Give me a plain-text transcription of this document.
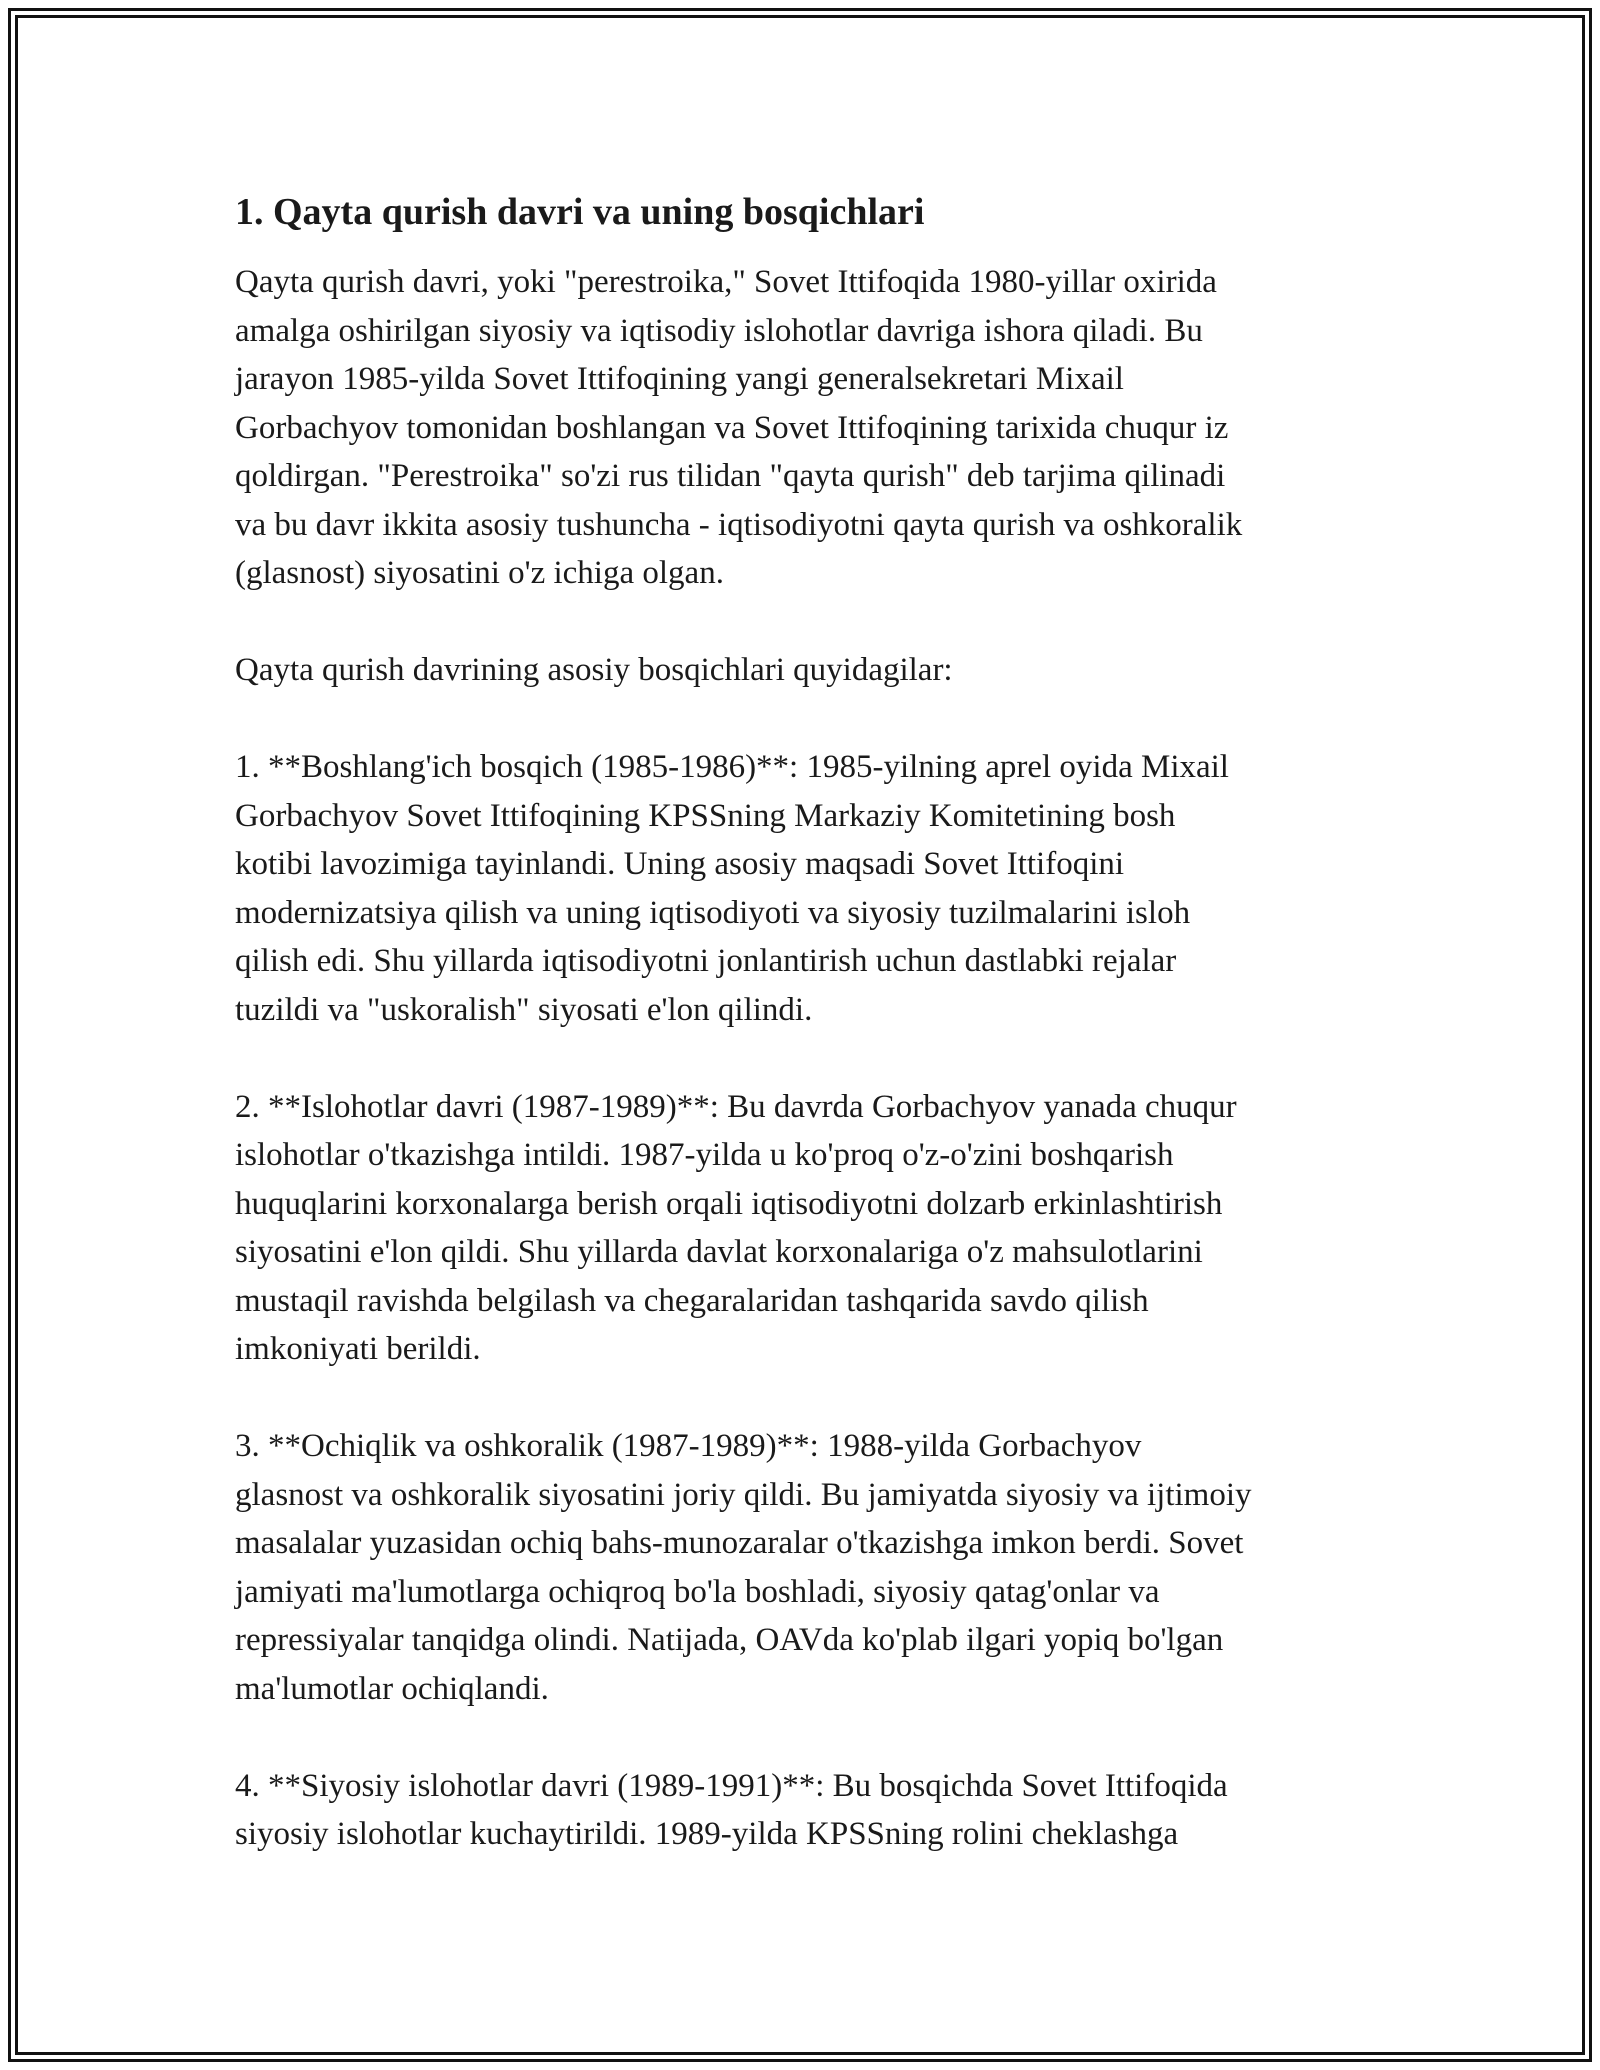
1. Qayta qurish davri va uning bosqichlari

Qayta qurish davri, yoki "perestroika," Sovet Ittifoqida 1980-yillar oxirida
amalga oshirilgan siyosiy va iqtisodiy islohotlar davriga ishora qiladi. Bu
jarayon 1985-yilda Sovet Ittifoqining yangi generalsekretari Mixail
Gorbachyov tomonidan boshlangan va Sovet Ittifoqining tarixida chuqur iz
qoldirgan. "Perestroika" so'zi rus tilidan "qayta qurish" deb tarjima qilinadi
va bu davr ikkita asosiy tushuncha - iqtisodiyotni qayta qurish va oshkoralik
(glasnost) siyosatini o'z ichiga olgan.

Qayta qurish davrining asosiy bosqichlari quyidagilar:

1. **Boshlang'ich bosqich (1985-1986)**: 1985-yilning aprel oyida Mixail
Gorbachyov Sovet Ittifoqining KPSSning Markaziy Komitetining bosh
kotibi lavozimiga tayinlandi. Uning asosiy maqsadi Sovet Ittifoqini
modernizatsiya qilish va uning iqtisodiyoti va siyosiy tuzilmalarini isloh
qilish edi. Shu yillarda iqtisodiyotni jonlantirish uchun dastlabki rejalar
tuzildi va "uskoralish" siyosati e'lon qilindi.

2. **Islohotlar davri (1987-1989)**: Bu davrda Gorbachyov yanada chuqur
islohotlar o'tkazishga intildi. 1987-yilda u ko'proq o'z-o'zini boshqarish
huquqlarini korxonalarga berish orqali iqtisodiyotni dolzarb erkinlashtirish
siyosatini e'lon qildi. Shu yillarda davlat korxonalariga o'z mahsulotlarini
mustaqil ravishda belgilash va chegaralaridan tashqarida savdo qilish
imkoniyati berildi.

3. **Ochiqlik va oshkoralik (1987-1989)**: 1988-yilda Gorbachyov
glasnost va oshkoralik siyosatini joriy qildi. Bu jamiyatda siyosiy va ijtimoiy
masalalar yuzasidan ochiq bahs-munozaralar o'tkazishga imkon berdi. Sovet
jamiyati ma'lumotlarga ochiqroq bo'la boshladi, siyosiy qatag'onlar va
repressiyalar tanqidga olindi. Natijada, OAVda ko'plab ilgari yopiq bo'lgan
ma'lumotlar ochiqlandi.

4. **Siyosiy islohotlar davri (1989-1991)**: Bu bosqichda Sovet Ittifoqida
siyosiy islohotlar kuchaytirildi. 1989-yilda KPSSning rolini cheklashga
